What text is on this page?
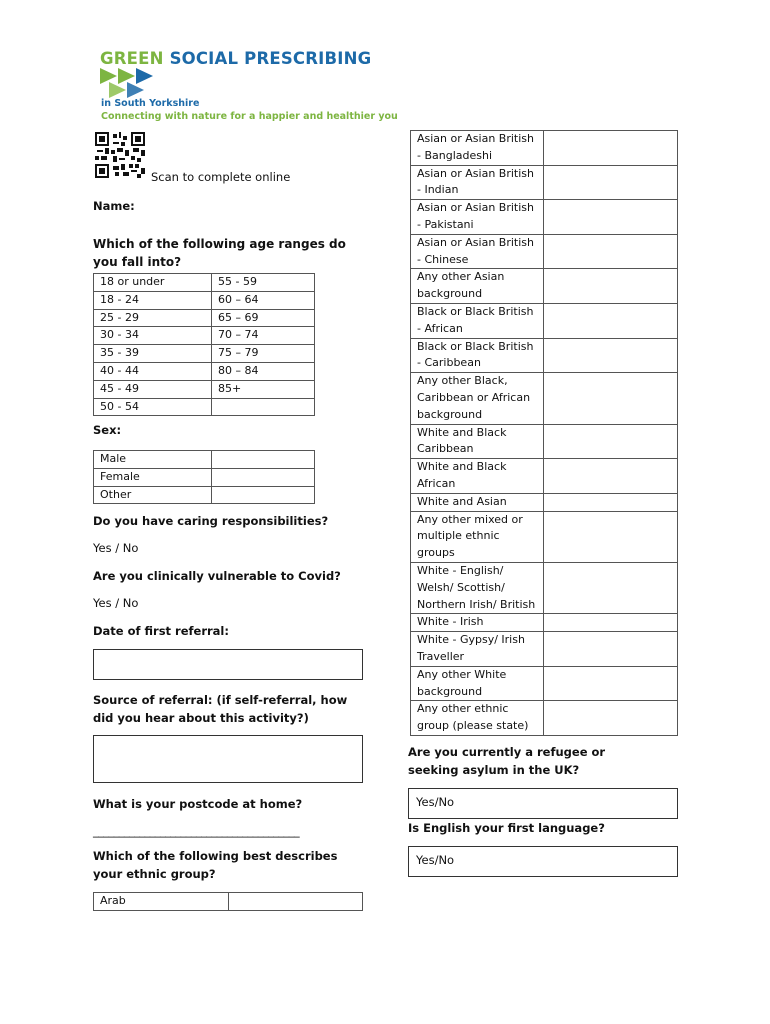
GREEN SOCIAL PRESCRIBING
in South Yorkshire
Connecting with nature for a happier and healthier you
Scan to complete online
Name:
Which of the following age ranges do you fall into?
18 or under	55 - 59
18 - 24	60 – 64
25 - 29	65 – 69
30 - 34	70 – 74
35 - 39	75 – 79
40 - 44	80 – 84
45 - 49	85+
50 - 54	
Sex:
Male	
Female	
Other	
Do you have caring responsibilities?
Yes / No
Are you clinically vulnerable to Covid?
Yes / No
Date of first referral:
Source of referral: (if self-referral, how did you hear about this activity?)
What is your postcode at home?
________________________________________
Which of the following best describes your ethnic group?
Arab	
Asian or Asian British - Bangladeshi	
Asian or Asian British - Indian	
Asian or Asian British - Pakistani	
Asian or Asian British - Chinese	
Any other Asian background	
Black or Black British - African	
Black or Black British - Caribbean	
Any other Black, Caribbean or African background	
White and Black Caribbean	
White and Black African	
White and Asian	
Any other mixed or multiple ethnic groups	
White - English/ Welsh/ Scottish/ Northern Irish/ British	
White - Irish	
White - Gypsy/ Irish Traveller	
Any other White background	
Any other ethnic group (please state)	
Are you currently a refugee or seeking asylum in the UK?
Yes/No
Is English your first language?
Yes/No
